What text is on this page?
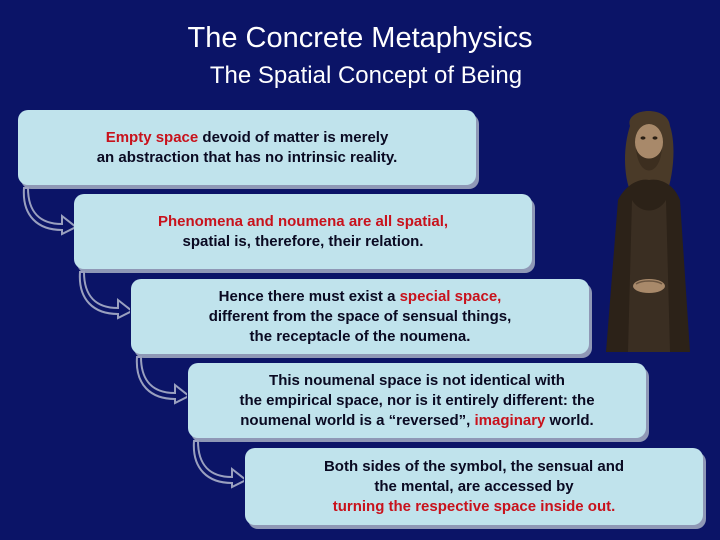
The Concrete Metaphysics
The Spatial Concept of Being
Empty space devoid of matter is merely
an abstraction that has no intrinsic reality.
Phenomena and noumena are all spatial,
spatial is, therefore, their relation.
Hence there must exist a special space,
different from the space of sensual things,
the receptacle of the noumena.
This noumenal space is not identical with
the empirical space, nor is it entirely different: the
noumenal world is a “reversed”, imaginary world.
Both sides of the symbol, the sensual and
the mental, are accessed by
turning the respective space inside out.
